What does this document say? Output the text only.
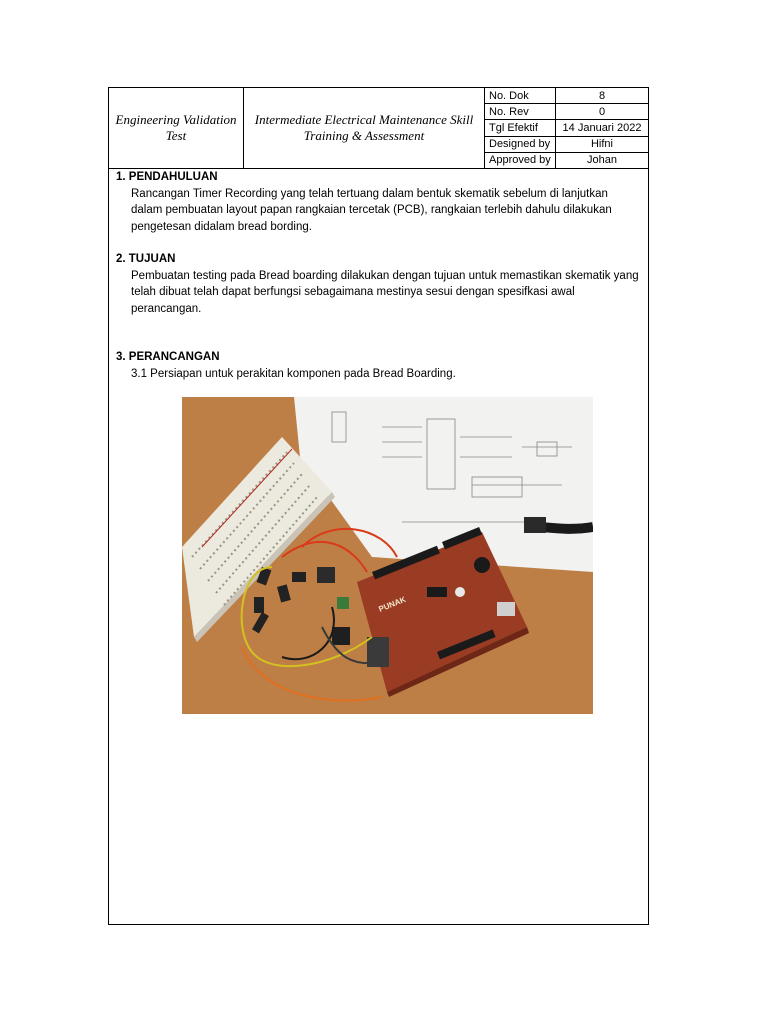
Engineering Validation Test
Intermediate Electrical Maintenance Skill Training & Assessment
No. Dok	8
No. Rev	0
Tgl Efektif	14 Januari 2022
Designed by	Hifni
Approved by	Johan

1. PENDAHULUAN

Rancangan Timer Recording yang telah tertuang dalam bentuk skematik sebelum di lanjutkan dalam pembuatan layout papan rangkaian tercetak (PCB), rangkaian terlebih dahulu dilakukan pengetesan didalam bread bording.

2. TUJUAN

Pembuatan testing pada Bread boarding dilakukan dengan tujuan untuk memastikan skematik yang telah dibuat telah dapat berfungsi sebagaimana mestinya sesui dengan spesifkasi awal perancangan.

3. PERANCANGAN

3.1 Persiapan untuk perakitan komponen pada Bread Boarding.

PUNAK
